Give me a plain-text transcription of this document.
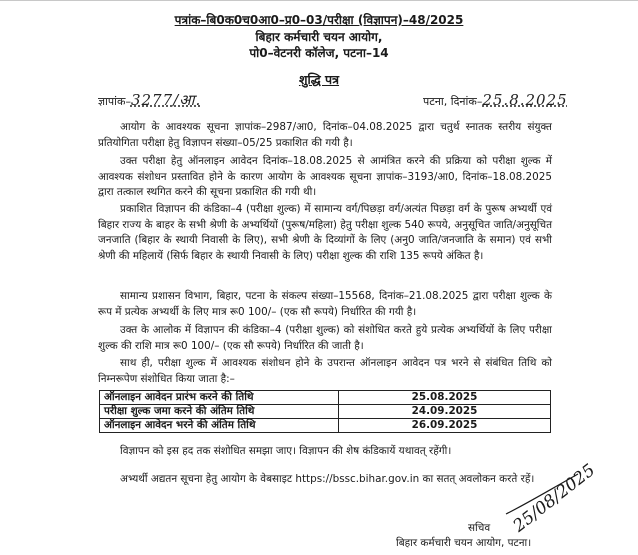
पत्रांक–बि0क0च0आ0–प्र0–03/परीक्षा (विज्ञापन)–48/2025
बिहार कर्मचारी चयन आयोग,
पो0–वेटनरी कॉलेज, पटना–14
शुद्धि पत्र
ज्ञापांक–3277/आ.	पटना, दिनांक–25.8.2025

आयोग के आवश्यक सूचना ज्ञापांक–2987/आ0, दिनांक–04.08.2025 द्वारा चतुर्थ स्नातक स्तरीय संयुक्त प्रतियोगिता परीक्षा हेतु विज्ञापन संख्या–05/25 प्रकाशित की गयी है।

उक्त परीक्षा हेतु ऑनलाइन आवेदन दिनांक–18.08.2025 से आमंत्रित करने की प्रक्रिया को परीक्षा शुल्क में आवश्यक संशोधन प्रस्तावित होने के कारण आयोग के आवश्यक सूचना ज्ञापांक–3193/आ0, दिनांक–18.08.2025 द्वारा तत्काल स्थगित करने की सूचना प्रकाशित की गयी थी।

प्रकाशित विज्ञापन की कंडिका–4 (परीक्षा शुल्क) में सामान्य वर्ग/पिछड़ा वर्ग/अत्यंत पिछड़ा वर्ग के पुरूष अभ्यर्थी एवं बिहार राज्य के बाहर के सभी श्रेणी के अभ्यर्थियों (पुरूष/महिला) हेतु परीक्षा शुल्क 540 रूपये, अनुसूचित जाति/अनुसूचित जनजाति (बिहार के स्थायी निवासी के लिए), सभी श्रेणी के दिव्यांगों के लिए (अनु0 जाति/जनजाति के समान) एवं सभी श्रेणी की महिलायें (सिर्फ बिहार के स्थायी निवासी के लिए) परीक्षा शुल्क की राशि 135 रूपये अंकित है।

सामान्य प्रशासन विभाग, बिहार, पटना के संकल्प संख्या–15568, दिनांक–21.08.2025 द्वारा परीक्षा शुल्क के रूप में प्रत्येक अभ्यर्थी के लिए मात्र रू0 100/– (एक सौ रूपये) निर्धारित की गयी है।

उक्त के आलोक में विज्ञापन की कंडिका–4 (परीक्षा शुल्क) को संशोधित करते हुये प्रत्येक अभ्यर्थियों के लिए परीक्षा शुल्क की राशि मात्र रू0 100/– (एक सौ रूपये) निर्धारित की जाती है।

साथ ही, परीक्षा शुल्क में आवश्यक संशोधन होने के उपरान्त ऑनलाइन आवेदन पत्र भरने से संबंधित तिथि को निम्नरूपेण संशोधित किया जाता है:–

ऑनलाइन आवेदन प्रारंभ करने की तिथि	25.08.2025
परीक्षा शुल्क जमा करने की अंतिम तिथि	24.09.2025
ऑनलाइन आवेदन भरने की अंतिम तिथि	26.09.2025

विज्ञापन को इस हद तक संशोधित समझा जाए। विज्ञापन की शेष कंडिकायें यथावत् रहेंगी।

अभ्यर्थी अद्यतन सूचना हेतु आयोग के वेबसाइट https://bssc.bihar.gov.in का सतत् अवलोकन करते रहें।

25/08/2025
सचिव
बिहार कर्मचारी चयन आयोग, पटना।
